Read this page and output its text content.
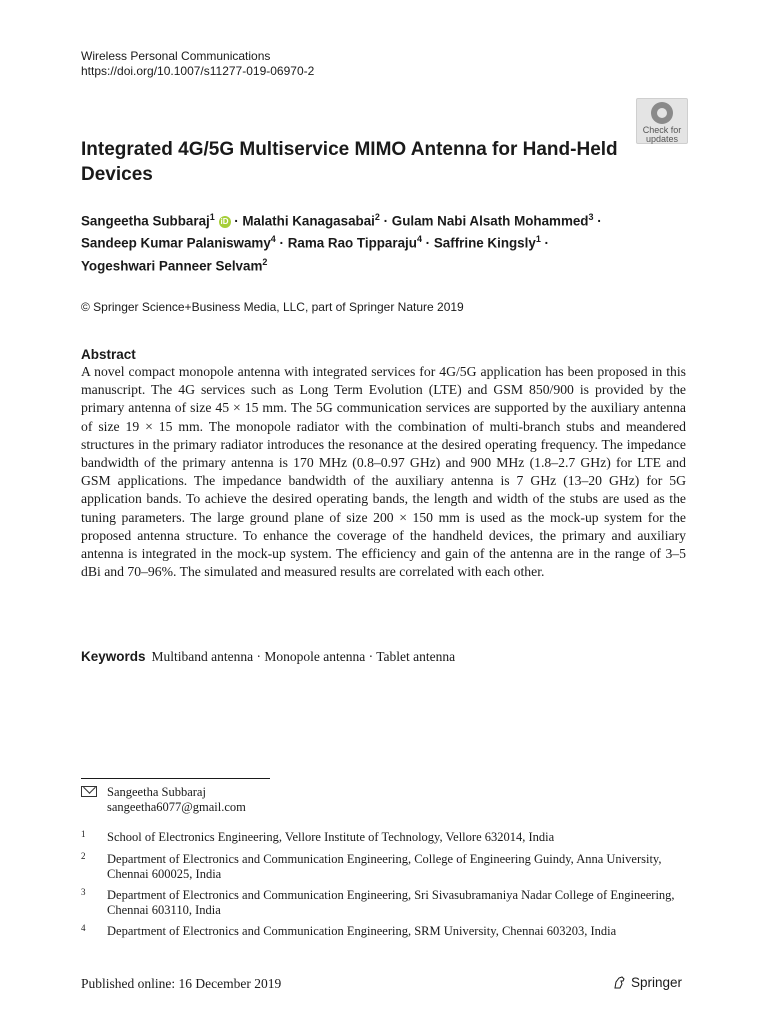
Wireless Personal Communications
https://doi.org/10.1007/s11277-019-06970-2
Check for
updates
Integrated 4G/5G Multiservice MIMO Antenna for Hand-Held Devices
Sangeetha Subbaraj$^1$ iD · Malathi Kanagasabai$^2$ · Gulam Nabi Alsath Mohammed$^3$ ·
Sandeep Kumar Palaniswamy$^4$ · Rama Rao Tipparaju$^4$ · Saffrine Kingsly$^1$ ·
Yogeshwari Panneer Selvam$^2$
© Springer Science+Business Media, LLC, part of Springer Nature 2019
Abstract
A novel compact monopole antenna with integrated services for 4G/5G application has been proposed in this manuscript. The 4G services such as Long Term Evolution (LTE) and GSM 850/900 is provided by the primary antenna of size 45 × 15 mm. The 5G communication services are supported by the auxiliary antenna of size 19 × 15 mm. The monopole radiator with the combination of multi-branch stubs and meandered structures in the primary radiator introduces the resonance at the desired operating frequency. The impedance bandwidth of the primary antenna is 170 MHz (0.8–0.97 GHz) and 900 MHz (1.8–2.7 GHz) for LTE and GSM applications. The impedance bandwidth of the auxiliary antenna is 7 GHz (13–20 GHz) for 5G application bands. To achieve the desired operating bands, the length and width of the stubs are used as the tuning parameters. The large ground plane of size 200 × 150 mm is used as the mock-up system for the proposed antenna structure. To enhance the coverage of the handheld devices, the primary and auxiliary antenna is integrated in the mock-up system. The efficiency and gain of the antenna are in the range of 3–5 dBi and 70–96%. The simulated and measured results are correlated with each other.
Keywords Multiband antenna · Monopole antenna · Tablet antenna
Sangeetha Subbaraj
sangeetha6077@gmail.com
1 School of Electronics Engineering, Vellore Institute of Technology, Vellore 632014, India
2 Department of Electronics and Communication Engineering, College of Engineering Guindy, Anna University, Chennai 600025, India
3 Department of Electronics and Communication Engineering, Sri Sivasubramaniya Nadar College of Engineering, Chennai 603110, India
4 Department of Electronics and Communication Engineering, SRM University, Chennai 603203, India
Published online: 16 December 2019	Springer
